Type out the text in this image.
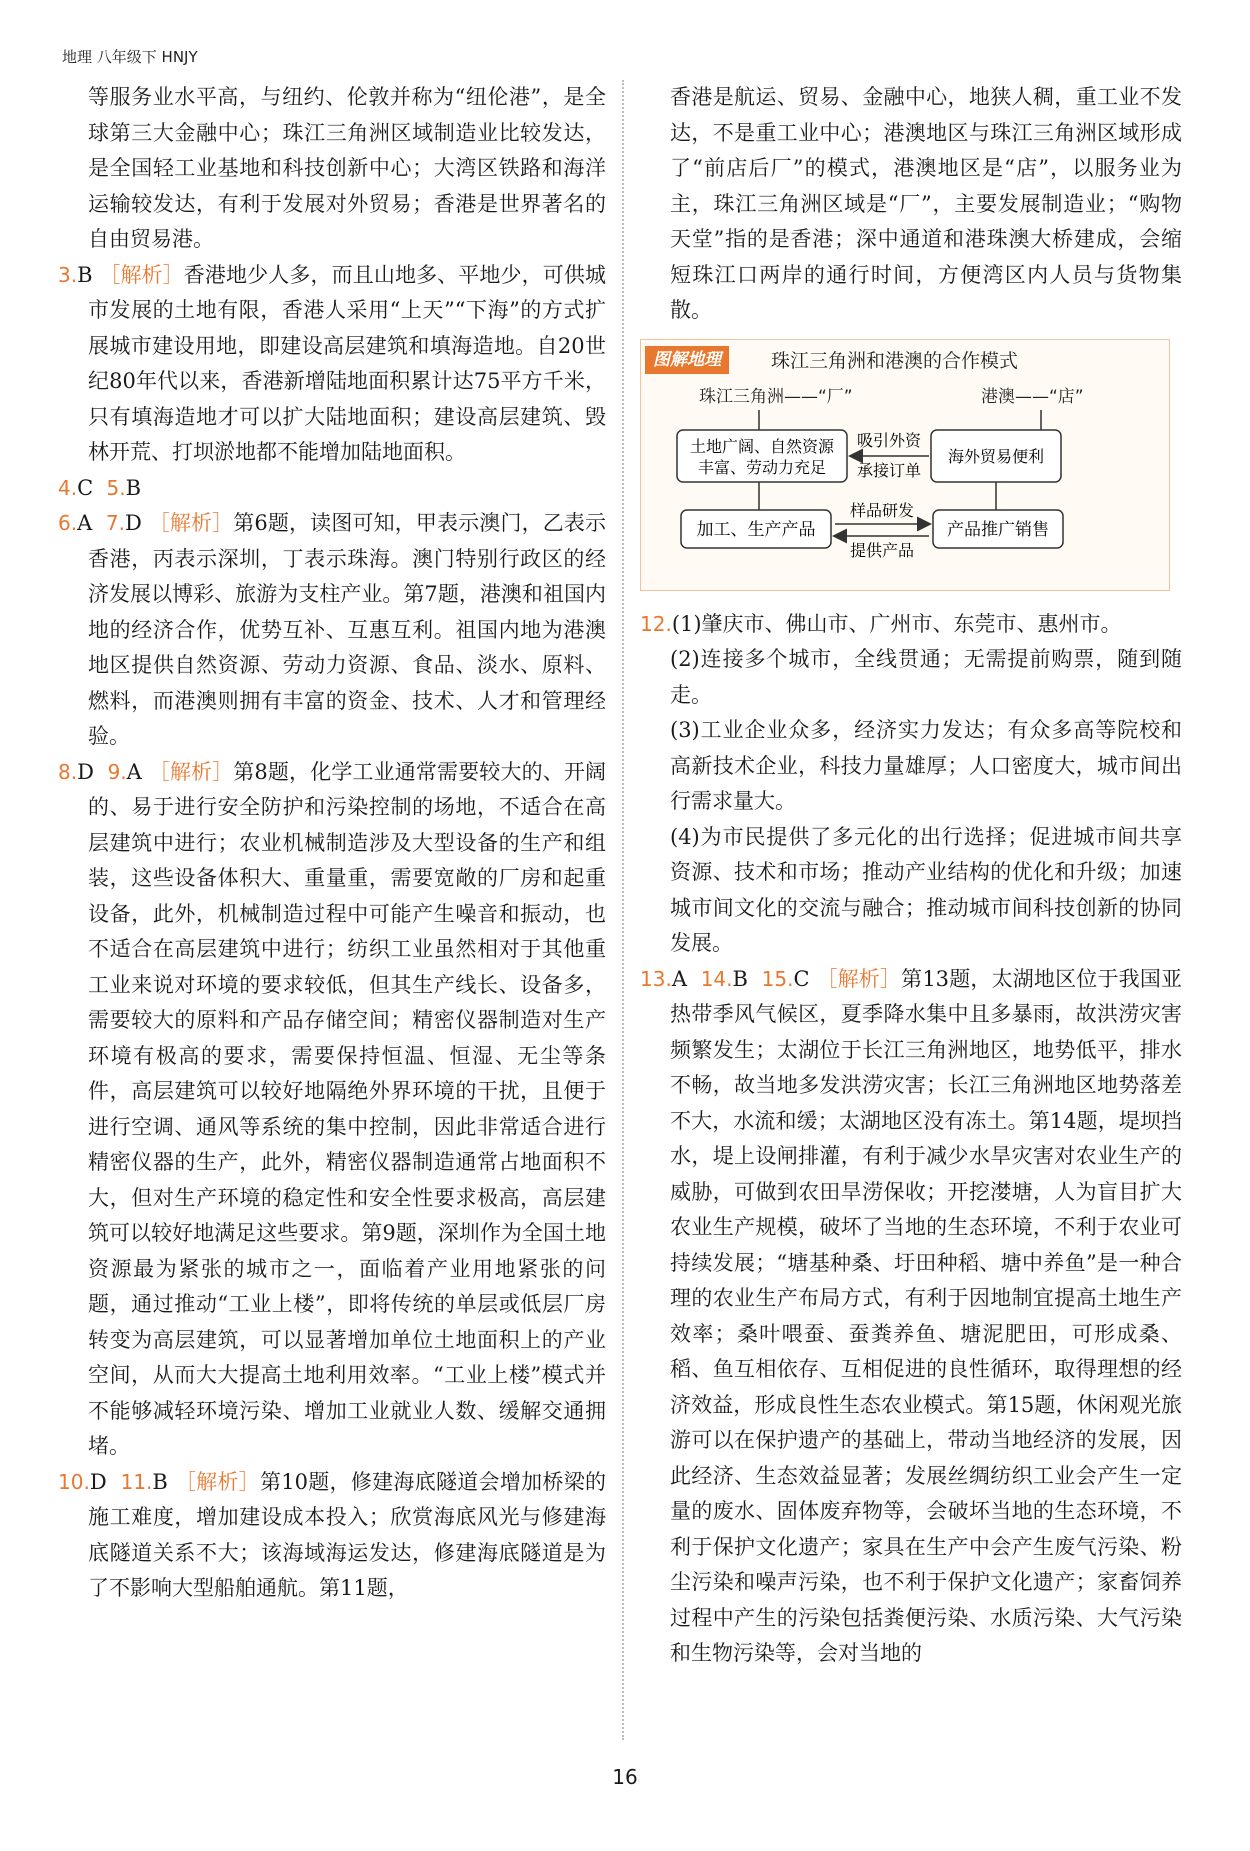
地理 八年级下 HNJY

等服务业水平高，与纽约、伦敦并称为“纽伦港”，是全球第三大金融中心；珠江三角洲区域制造业比较发达，是全国轻工业基地和科技创新中心；大湾区铁路和海洋运输较发达，有利于发展对外贸易；香港是世界著名的自由贸易港。

3.B ［解析］香港地少人多，而且山地多、平地少，可供城市发展的土地有限，香港人采用“上天”“下海”的方式扩展城市建设用地，即建设高层建筑和填海造地。自20世纪80年代以来，香港新增陆地面积累计达75平方千米，只有填海造地才可以扩大陆地面积；建设高层建筑、毁林开荒、打坝淤地都不能增加陆地面积。

4.C 5.B

6.A 7.D ［解析］第6题，读图可知，甲表示澳门，乙表示香港，丙表示深圳，丁表示珠海。澳门特别行政区的经济发展以博彩、旅游为支柱产业。第7题，港澳和祖国内地的经济合作，优势互补、互惠互利。祖国内地为港澳地区提供自然资源、劳动力资源、食品、淡水、原料、燃料，而港澳则拥有丰富的资金、技术、人才和管理经验。

8.D 9.A ［解析］第8题，化学工业通常需要较大的、开阔的、易于进行安全防护和污染控制的场地，不适合在高层建筑中进行；农业机械制造涉及大型设备的生产和组装，这些设备体积大、重量重，需要宽敞的厂房和起重设备，此外，机械制造过程中可能产生噪音和振动，也不适合在高层建筑中进行；纺织工业虽然相对于其他重工业来说对环境的要求较低，但其生产线长、设备多，需要较大的原料和产品存储空间；精密仪器制造对生产环境有极高的要求，需要保持恒温、恒湿、无尘等条件，高层建筑可以较好地隔绝外界环境的干扰，且便于进行空调、通风等系统的集中控制，因此非常适合进行精密仪器的生产，此外，精密仪器制造通常占地面积不大，但对生产环境的稳定性和安全性要求极高，高层建筑可以较好地满足这些要求。第9题，深圳作为全国土地资源最为紧张的城市之一，面临着产业用地紧张的问题，通过推动“工业上楼”，即将传统的单层或低层厂房转变为高层建筑，可以显著增加单位土地面积上的产业空间，从而大大提高土地利用效率。“工业上楼”模式并不能够减轻环境污染、增加工业就业人数、缓解交通拥堵。

10.D 11.B ［解析］第10题，修建海底隧道会增加桥梁的施工难度，增加建设成本投入；欣赏海底风光与修建海底隧道关系不大；该海域海运发达，修建海底隧道是为了不影响大型船舶通航。第11题，

香港是航运、贸易、金融中心，地狭人稠，重工业不发达，不是重工业中心；港澳地区与珠江三角洲区域形成了“前店后厂”的模式，港澳地区是“店”，以服务业为主，珠江三角洲区域是“厂”，主要发展制造业；“购物天堂”指的是香港；深中通道和港珠澳大桥建成，会缩短珠江口两岸的通行时间，方便湾区内人员与货物集散。

珠江三角洲和港澳的合作模式
珠江三角洲——“厂”	港澳——“店”
土地广阔、自然资源
丰富、劳动力充足
海外贸易便利
吸引外资
承接订单
加工、生产产品	产品推广销售
样品研发
提供产品
图解地理

12.(1)肇庆市、佛山市、广州市、东莞市、惠州市。

(2)连接多个城市，全线贯通；无需提前购票，随到随走。

(3)工业企业众多，经济实力发达；有众多高等院校和高新技术企业，科技力量雄厚；人口密度大，城市间出行需求量大。

(4)为市民提供了多元化的出行选择；促进城市间共享资源、技术和市场；推动产业结构的优化和升级；加速城市间文化的交流与融合；推动城市间科技创新的协同发展。

13.A 14.B 15.C ［解析］第13题，太湖地区位于我国亚热带季风气候区，夏季降水集中且多暴雨，故洪涝灾害频繁发生；太湖位于长江三角洲地区，地势低平，排水不畅，故当地多发洪涝灾害；长江三角洲地区地势落差不大，水流和缓；太湖地区没有冻土。第14题，堤坝挡水，堤上设闸排灌，有利于减少水旱灾害对农业生产的威胁，可做到农田旱涝保收；开挖漤塘，人为盲目扩大农业生产规模，破坏了当地的生态环境，不利于农业可持续发展；“塘基种桑、圩田种稻、塘中养鱼”是一种合理的农业生产布局方式，有利于因地制宜提高土地生产效率；桑叶喂蚕、蚕粪养鱼、塘泥肥田，可形成桑、稻、鱼互相依存、互相促进的良性循环，取得理想的经济效益，形成良性生态农业模式。第15题，休闲观光旅游可以在保护遗产的基础上，带动当地经济的发展，因此经济、生态效益显著；发展丝绸纺织工业会产生一定量的废水、固体废弃物等，会破坏当地的生态环境，不利于保护文化遗产；家具在生产中会产生废气污染、粉尘污染和噪声污染，也不利于保护文化遗产；家畜饲养过程中产生的污染包括粪便污染、水质污染、大气污染和生物污染等，会对当地的

16
